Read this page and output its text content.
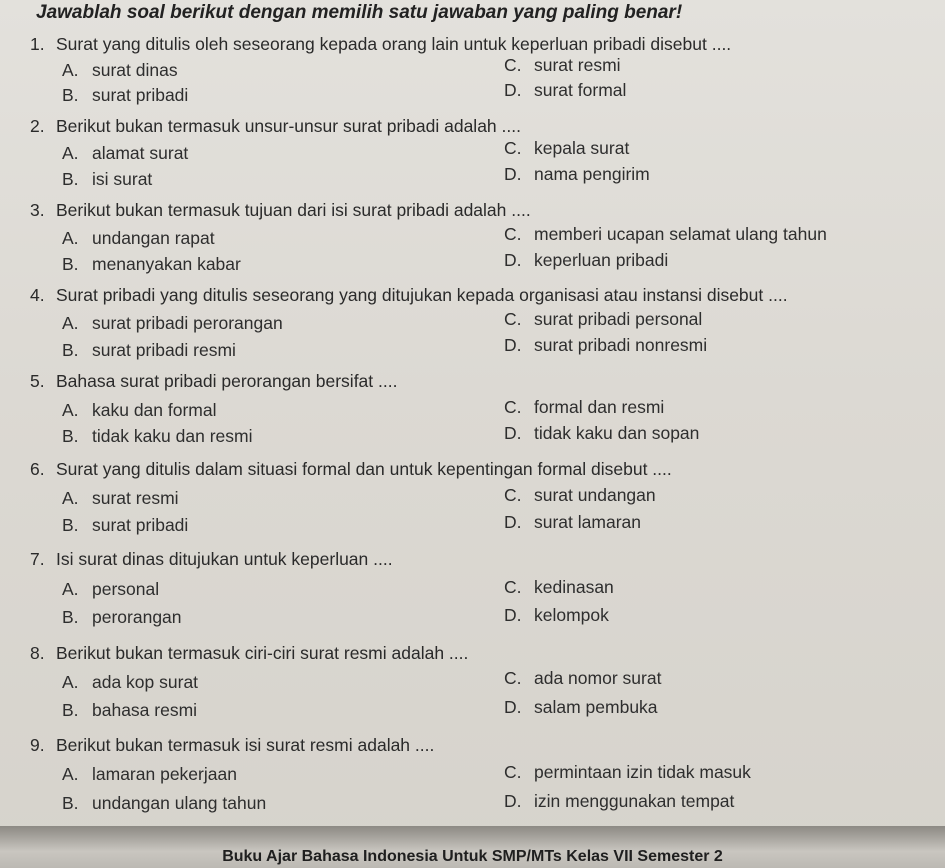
Jawablah soal berikut dengan memilih satu jawaban yang paling benar!
1. Surat yang ditulis oleh seseorang kepada orang lain untuk keperluan pribadi disebut ....
A. surat dinas
B. surat pribadi
C. surat resmi
D. surat formal
2. Berikut bukan termasuk unsur-unsur surat pribadi adalah ....
A. alamat surat
B. isi surat
C. kepala surat
D. nama pengirim
3. Berikut bukan termasuk tujuan dari isi surat pribadi adalah ....
A. undangan rapat
B. menanyakan kabar
C. memberi ucapan selamat ulang tahun
D. keperluan pribadi
4. Surat pribadi yang ditulis seseorang yang ditujukan kepada organisasi atau instansi disebut ....
A. surat pribadi perorangan
B. surat pribadi resmi
C. surat pribadi personal
D. surat pribadi nonresmi
5. Bahasa surat pribadi perorangan bersifat ....
A. kaku dan formal
B. tidak kaku dan resmi
C. formal dan resmi
D. tidak kaku dan sopan
6. Surat yang ditulis dalam situasi formal dan untuk kepentingan formal disebut ....
A. surat resmi
B. surat pribadi
C. surat undangan
D. surat lamaran
7. Isi surat dinas ditujukan untuk keperluan ....
A. personal
B. perorangan
C. kedinasan
D. kelompok
8. Berikut bukan termasuk ciri-ciri surat resmi adalah ....
A. ada kop surat
B. bahasa resmi
C. ada nomor surat
D. salam pembuka
9. Berikut bukan termasuk isi surat resmi adalah ....
A. lamaran pekerjaan
B. undangan ulang tahun
C. permintaan izin tidak masuk
D. izin menggunakan tempat
Buku Ajar Bahasa Indonesia Untuk SMP/MTs Kelas VII Semester 2
